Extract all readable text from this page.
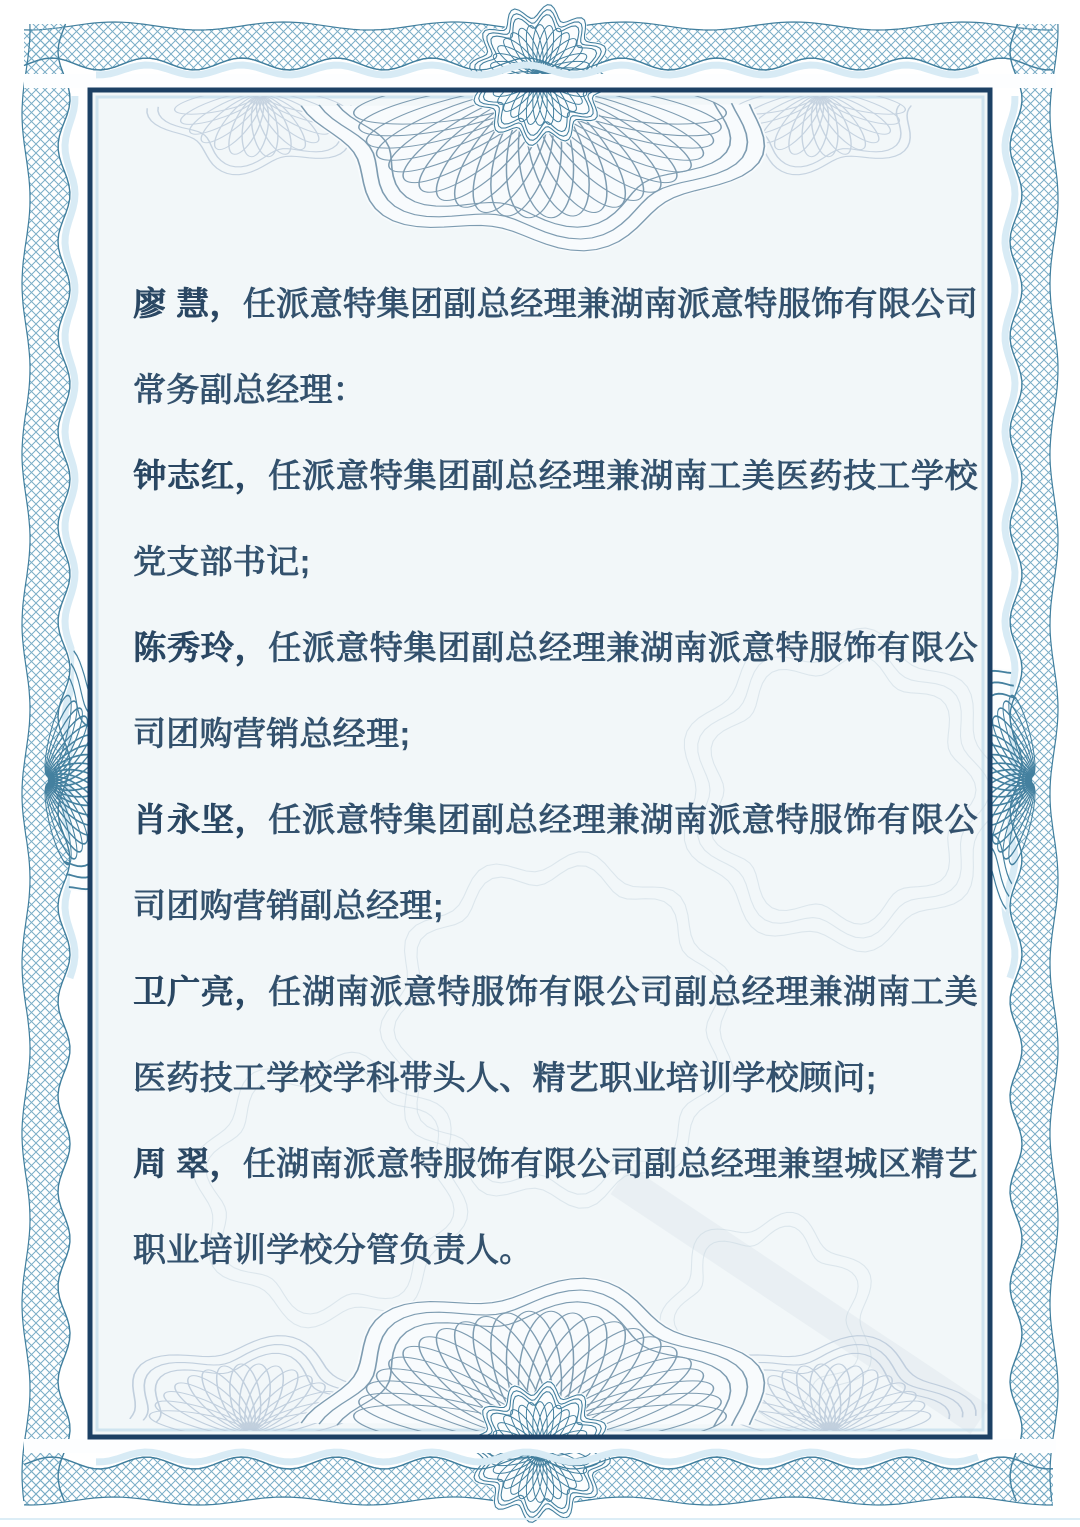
廖 慧，任派意特集团副总经理兼湖南派意特服饰有限公司常务副总经理：

钟志红，任派意特集团副总经理兼湖南工美医药技工学校党支部书记;

陈秀玲，任派意特集团副总经理兼湖南派意特服饰有限公司团购营销总经理;

肖永坚，任派意特集团副总经理兼湖南派意特服饰有限公司团购营销副总经理;

卫广亮，任湖南派意特服饰有限公司副总经理兼湖南工美医药技工学校学科带头人、精艺职业培训学校顾问;

周 翠，任湖南派意特服饰有限公司副总经理兼望城区精艺职业培训学校分管负责人。
